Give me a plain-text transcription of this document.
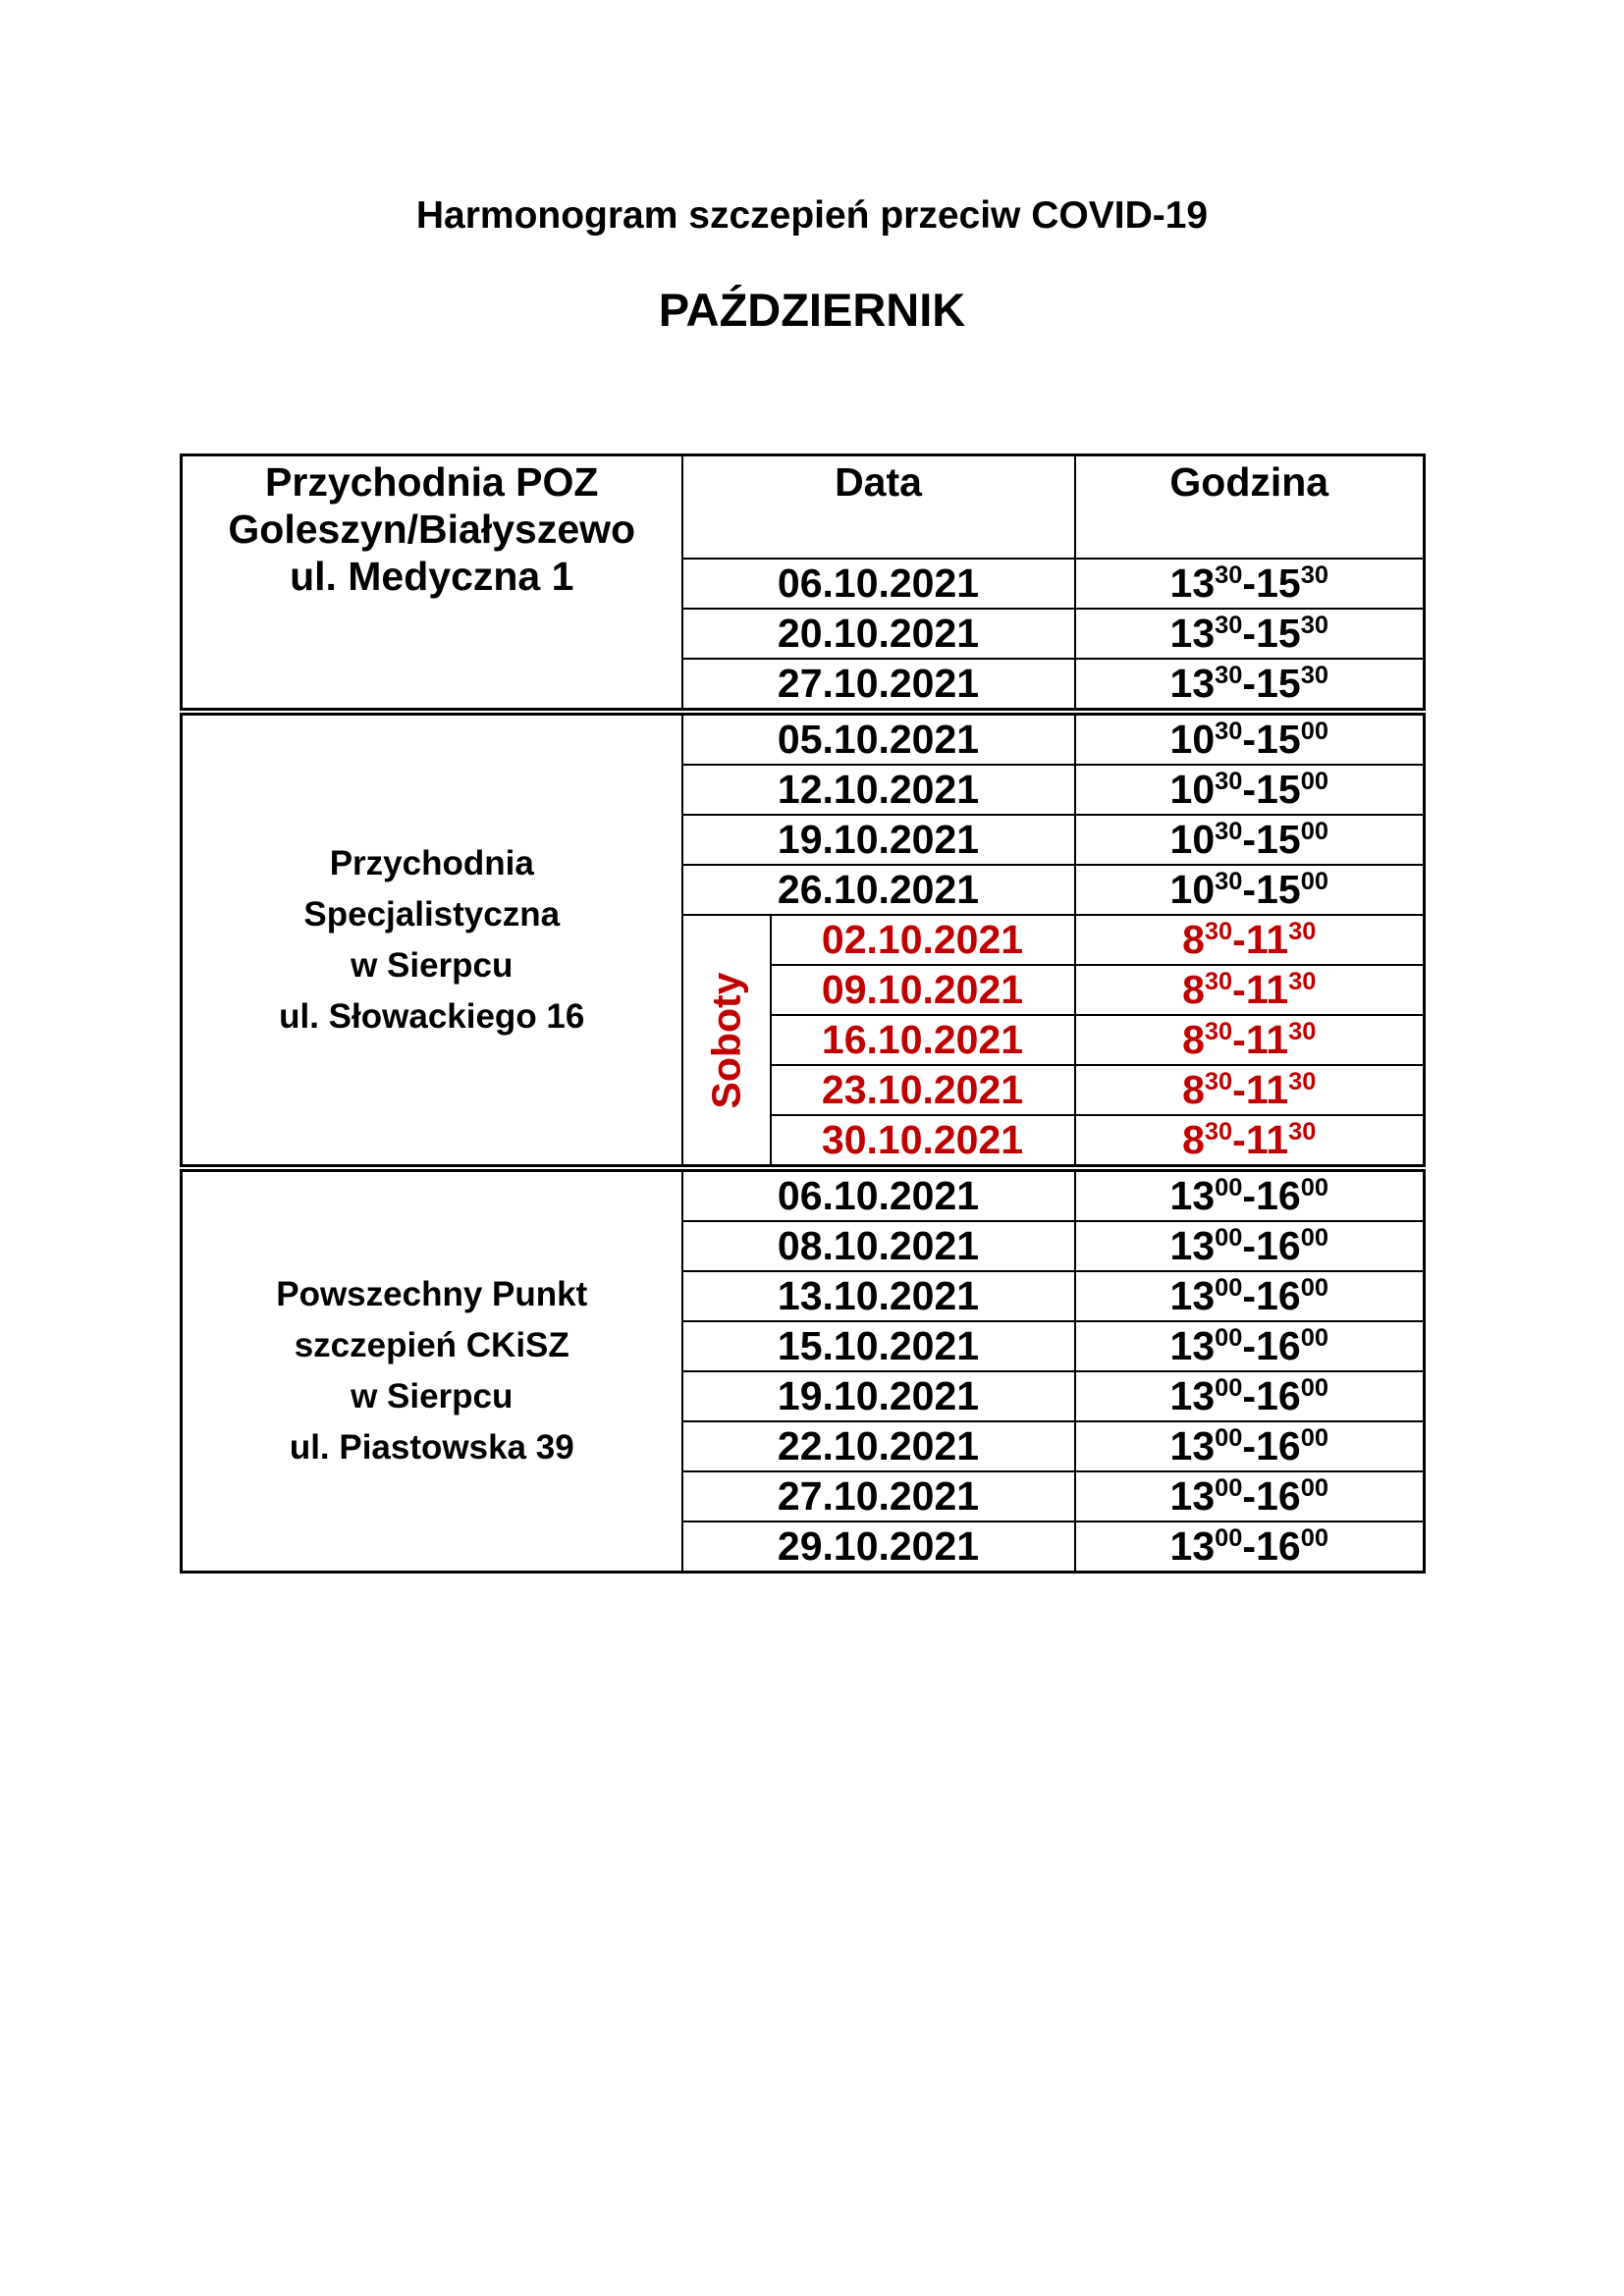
Harmonogram szczepień przeciw COVID-19
PAŹDZIERNIK
Przychodnia POZ
Goleszyn/Białyszewo
ul. Medyczna 1	Data		Godzina
	06.10.2021		$13^{30}-15^{30}$
	20.10.2021		$13^{30}-15^{30}$
	27.10.2021		$13^{30}-15^{30}$

Przychodnia
Specjalistyczna
w Sierpcu
ul. Słowackiego 16	05.10.2021		$10^{30}-15^{00}$
	12.10.2021		$10^{30}-15^{00}$
	19.10.2021		$10^{30}-15^{00}$
	26.10.2021		$10^{30}-15^{00}$

	Soboty	02.10.2021	$8^{30}-11^{30}$
		09.10.2021	$8^{30}-11^{30}$
		16.10.2021	$8^{30}-11^{30}$
		23.10.2021	$8^{30}-11^{30}$
		30.10.2021	$8^{30}-11^{30}$

Powszechny Punkt
szczepień CKiSZ
w Sierpcu
ul. Piastowska 39	06.10.2021		$13^{00}-16^{00}$
	08.10.2021		$13^{00}-16^{00}$
	13.10.2021		$13^{00}-16^{00}$
	15.10.2021		$13^{00}-16^{00}$
	19.10.2021		$13^{00}-16^{00}$
	22.10.2021		$13^{00}-16^{00}$
	27.10.2021		$13^{00}-16^{00}$
	29.10.2021		$13^{00}-16^{00}$
